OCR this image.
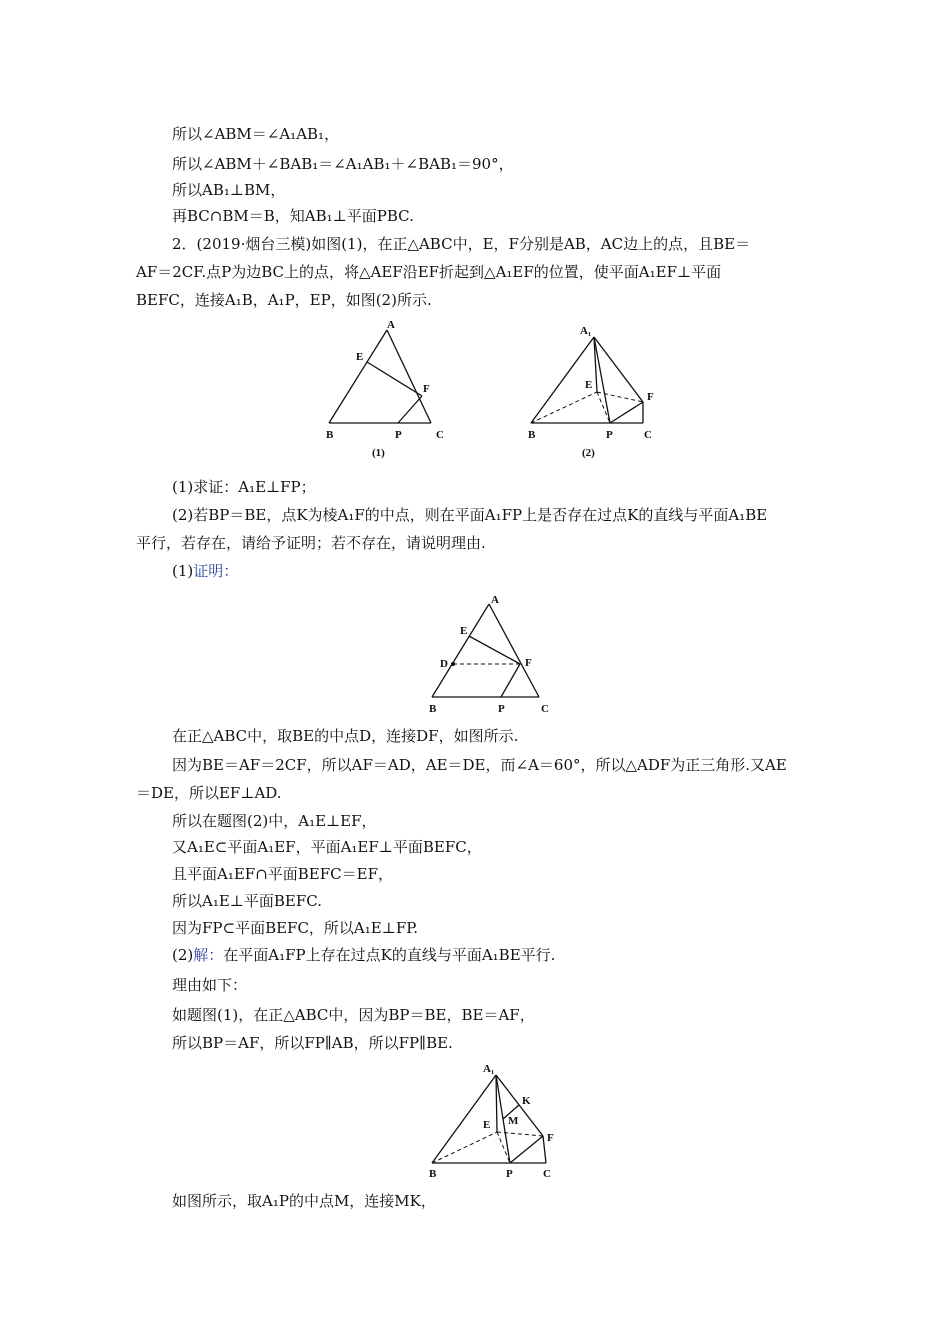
所以∠ABM＝∠A₁AB₁，
所以∠ABM＋∠BAB₁＝∠A₁AB₁＋∠BAB₁＝90°，
所以AB₁⊥BM，
再BC∩BM＝B，知AB₁⊥平面PBC.
2．(2019·烟台三模)如图(1)，在正△ABC中，E，F分别是AB，AC边上的点，且BE＝
AF＝2CF.点P为边BC上的点，将△AEF沿EF折起到△A₁EF的位置，使平面A₁EF⊥平面
BEFC，连接A₁B，A₁P，EP，如图(2)所示.
A
E
F
B	P	C
(1)
A₁
E
F
B	P	C
(2)
(1)求证：A₁E⊥FP；
(2)若BP＝BE，点K为棱A₁F的中点，则在平面A₁FP上是否存在过点K的直线与平面A₁BE
平行，若存在，请给予证明；若不存在，请说明理由.
(1)证明：
A
E
D	F
B	P	C
在正△ABC中，取BE的中点D，连接DF，如图所示.
因为BE＝AF＝2CF，所以AF＝AD，AE＝DE，而∠A＝60°，所以△ADF为正三角形.又AE
＝DE，所以EF⊥AD.
所以在题图(2)中，A₁E⊥EF，
又A₁E⊂平面A₁EF，平面A₁EF⊥平面BEFC，
且平面A₁EF∩平面BEFC＝EF，
所以A₁E⊥平面BEFC.
因为FP⊂平面BEFC，所以A₁E⊥FP.
(2)解：在平面A₁FP上存在过点K的直线与平面A₁BE平行.
理由如下：
如题图(1)，在正△ABC中，因为BP＝BE，BE＝AF，
所以BP＝AF，所以FP∥AB，所以FP∥BE.
A₁
K
E M
F
B	P	C
如图所示，取A₁P的中点M，连接MK，
